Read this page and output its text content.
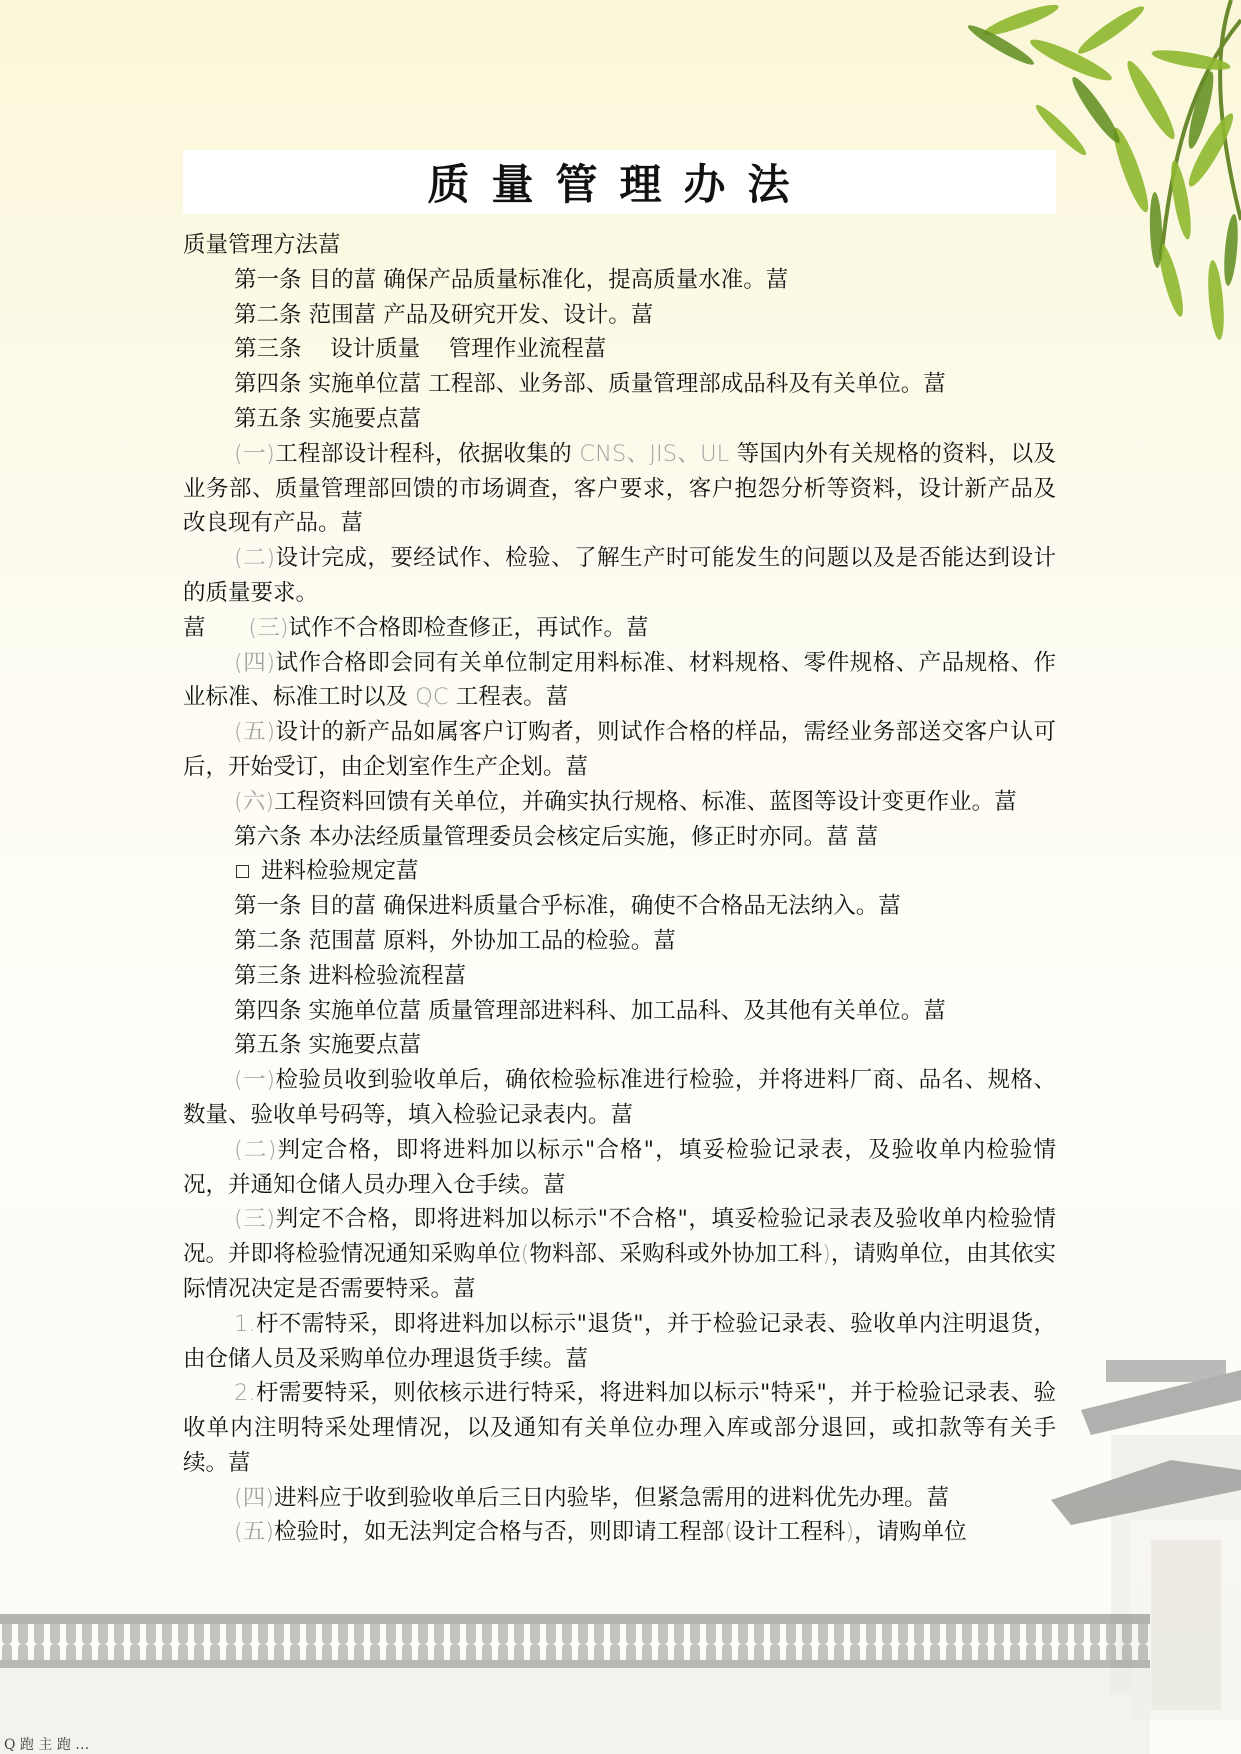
质量管理办法

质量管理方法葍

第一条 目的葍 确保产品质量标准化，提高质量水准。葍

第二条 范围葍 产品及研究开发、设计。葍

第三条    设计质量    管理作业流程葍

第四条 实施单位葍 工程部、业务部、质量管理部成品科及有关单位。葍

第五条 实施要点葍

(一)工程部设计程科，依据收集的 CNS、JIS、UL 等国内外有关规格的资料，以及业务部、质量管理部回馈的市场调查，客户要求，客户抱怨分析等资料，设计新产品及改良现有产品。葍

(二)设计完成，要经试作、检验、了解生产时可能发生的问题以及是否能达到设计的质量要求。

葍      (三)试作不合格即检查修正，再试作。葍

(四)试作合格即会同有关单位制定用料标准、材料规格、零件规格、产品规格、作业标准、标准工时以及 QC 工程表。葍

(五)设计的新产品如属客户订购者，则试作合格的样品，需经业务部送交客户认可后，开始受订，由企划室作生产企划。葍

(六)工程资料回馈有关单位，并确实执行规格、标准、蓝图等设计变更作业。葍

第六条 本办法经质量管理委员会核定后实施，修正时亦同。葍 葍

进料检验规定葍

第一条 目的葍 确保进料质量合乎标准，确使不合格品无法纳入。葍

第二条 范围葍 原料，外协加工品的检验。葍

第三条 进料检验流程葍

第四条 实施单位葍 质量管理部进料科、加工品科、及其他有关单位。葍

第五条 实施要点葍

(一)检验员收到验收单后，确依检验标准进行检验，并将进料厂商、品名、规格、数量、验收单号码等，填入检验记录表内。葍

(二)判定合格，即将进料加以标示"合格"，填妥检验记录表，及验收单内检验情况，并通知仓储人员办理入仓手续。葍

(三)判定不合格，即将进料加以标示"不合格"，填妥检验记录表及验收单内检验情况。并即将检验情况通知采购单位(物料部、采购科或外协加工科)，请购单位，由其依实际情况决定是否需要特采。葍

1.杅不需特采，即将进料加以标示"退货"，并于检验记录表、验收单内注明退货，由仓储人员及采购单位办理退货手续。葍

2.杅需要特采，则依核示进行特采，将进料加以标示"特采"，并于检验记录表、验收单内注明特采处理情况，以及通知有关单位办理入库或部分退回，或扣款等有关手续。葍

(四)进料应于收到验收单后三日内验毕，但紧急需用的进料优先办理。葍

(五)检验时，如无法判定合格与否，则即请工程部(设计工程科)，请购单位

Q 跑 主 跑 …
